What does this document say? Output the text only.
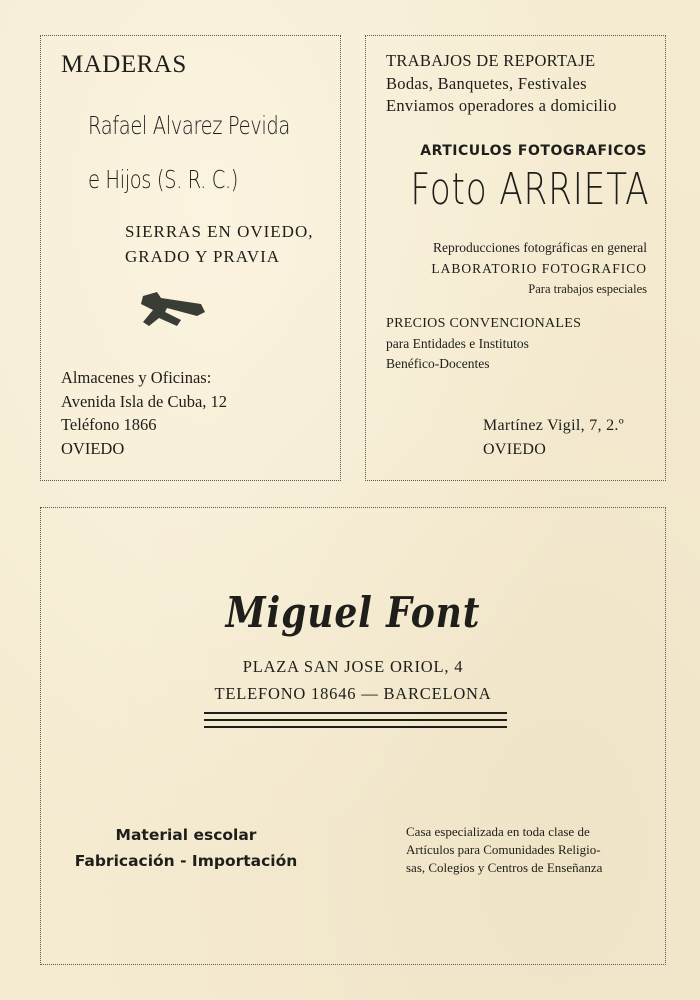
MADERAS
Rafael Alvarez Pevida
e Hijos (S. R. C.)
SIERRAS EN OVIEDO,
GRADO Y PRAVIA
Almacenes y Oficinas:
Avenida Isla de Cuba, 12
Teléfono 1866
OVIEDO
TRABAJOS DE REPORTAJE
Bodas, Banquetes, Festivales
Enviamos operadores a domicilio
ARTICULOS FOTOGRAFICOS
Foto ARRIETA
Reproducciones fotográficas en general
LABORATORIO FOTOGRAFICO
Para trabajos especiales
PRECIOS CONVENCIONALES
para Entidades e Institutos
Benéfico-Docentes
Martínez Vigil, 7, 2.º
OVIEDO
Miguel Font
PLAZA SAN JOSE ORIOL, 4
TELEFONO 18646 — BARCELONA
Material escolar
Fabricación - Importación
Casa especializada en toda clase de
Artículos para Comunidades Religio-
sas, Colegios y Centros de Enseñanza
